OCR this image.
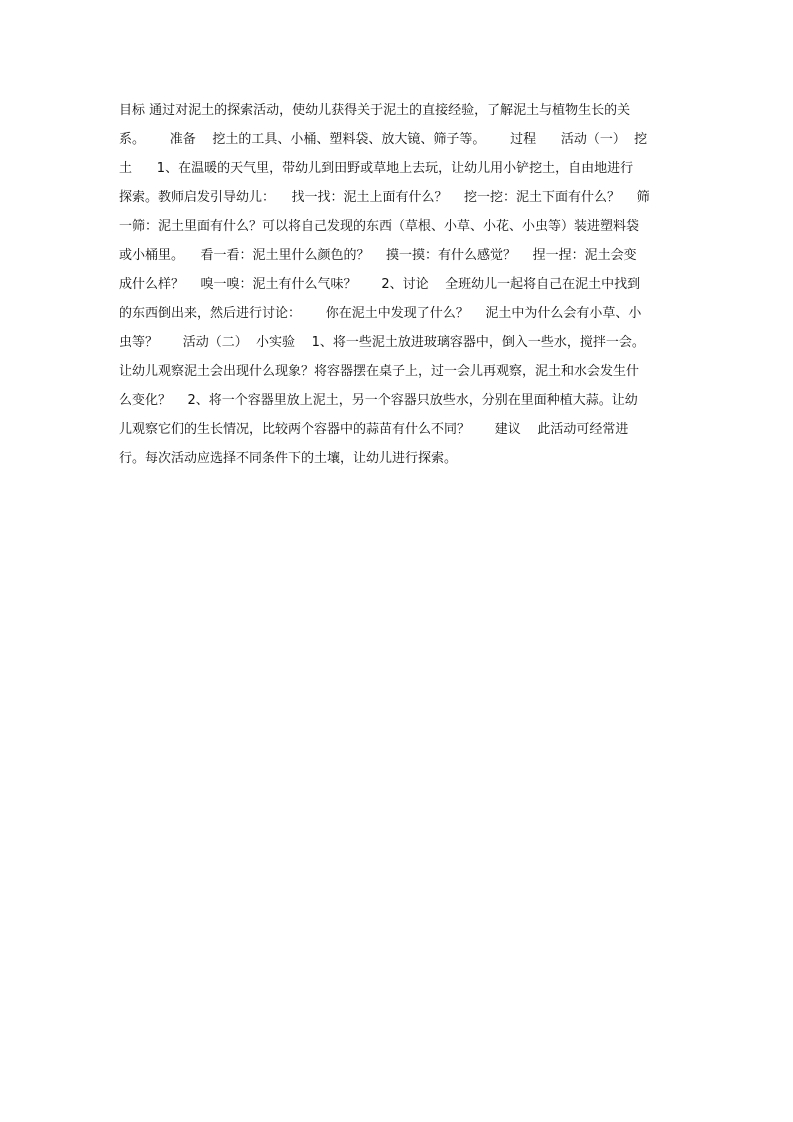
目标 通过对泥土的探索活动，使幼儿获得关于泥土的直接经验，了解泥土与植物生长的关
系。      准备    挖土的工具、小桶、塑料袋、放大镜、筛子等。      过程      活动（一）  挖
土      1、在温暖的天气里，带幼儿到田野或草地上去玩，让幼儿用小铲挖土，自由地进行
探索。教师启发引导幼儿：    找一找：泥土上面有什么？    挖一挖：泥土下面有什么？    筛
一筛：泥土里面有什么？可以将自己发现的东西（草根、小草、小花、小虫等）装进塑料袋
或小桶里。    看一看：泥土里什么颜色的？    摸一摸：有什么感觉？    捏一捏：泥土会变
成什么样？    嗅一嗅：泥土有什么气味？      2、讨论    全班幼儿一起将自己在泥土中找到
的东西倒出来，然后进行讨论：      你在泥土中发现了什么？    泥土中为什么会有小草、小
虫等？      活动（二）  小实验    1、将一些泥土放进玻璃容器中，倒入一些水，搅拌一会。
让幼儿观察泥土会出现什么现象？将容器摆在桌子上，过一会儿再观察，泥土和水会发生什
么变化？    2、将一个容器里放上泥土，另一个容器只放些水，分别在里面种植大蒜。让幼
儿观察它们的生长情况，比较两个容器中的蒜苗有什么不同？      建议    此活动可经常进
行。每次活动应选择不同条件下的土壤，让幼儿进行探索。
